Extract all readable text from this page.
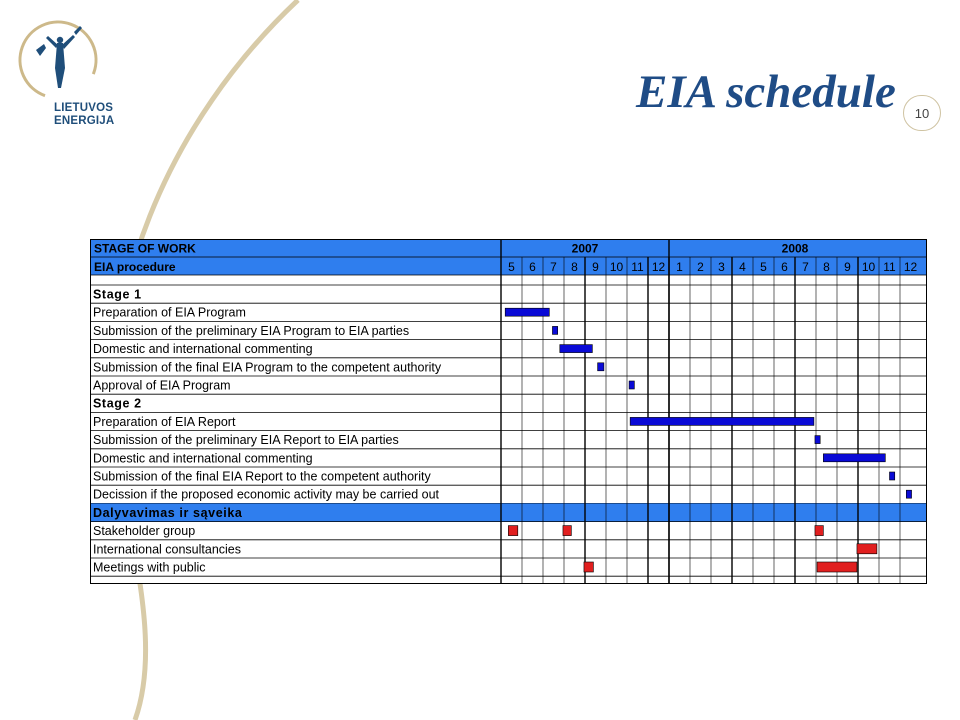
LIETUVOS
ENERGIJA
EIA schedule	10
STAGE OF WORK
EIA procedure
2007	2008
5 6 7 8 9 10 11 12 1 2 3 4 5 6 7 8 9 10 11 12
Stage 1
Preparation of EIA Program
Submission of the preliminary EIA Program to EIA parties
Domestic and international commenting
Submission of the final EIA Program to the competent authority
Approval of EIA Program
Stage 2
Preparation of EIA Report
Submission of the preliminary EIA Report to EIA parties
Domestic and international commenting
Submission of the final EIA Report to the competent authority
Decission if the proposed economic activity may be carried out
Dalyvavimas ir sąveika
Stakeholder group
International consultancies
Meetings with public
